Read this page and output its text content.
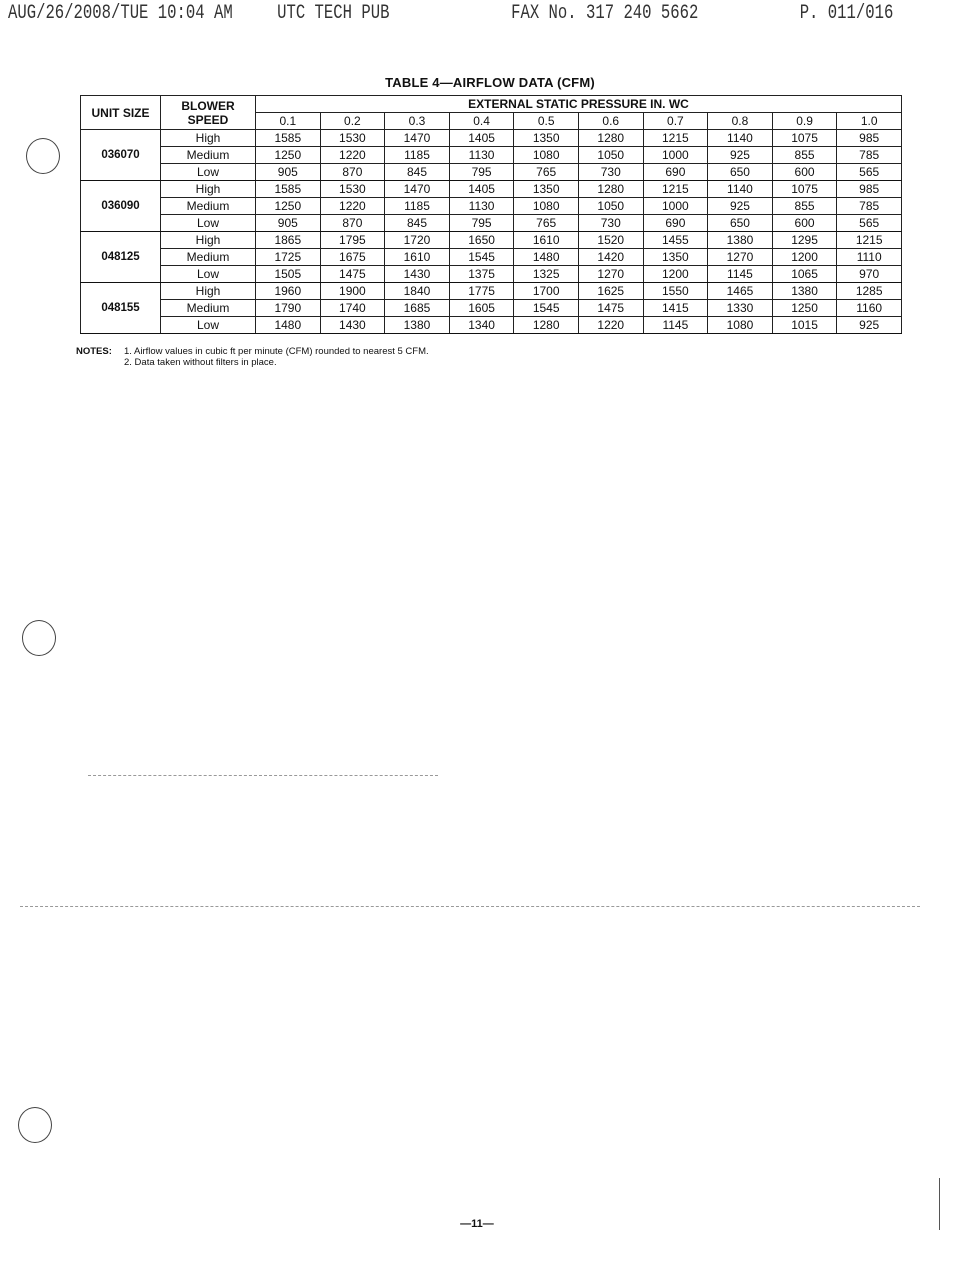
AUG/26/2008/TUE 10:04 AM UTC TECH PUB	FAX No. 317 240 5662	P. 011/016
TABLE 4—AIRFLOW DATA (CFM)
UNIT SIZE	BLOWER SPEED	EXTERNAL STATIC PRESSURE IN. WC									
		0.1	0.2	0.3	0.4	0.5	0.6	0.7	0.8	0.9	1.0
036070	High	1585	1530	1470	1405	1350	1280	1215	1140	1075	985
	Medium	1250	1220	1185	1130	1080	1050	1000	925	855	785
	Low	905	870	845	795	765	730	690	650	600	565
036090	High	1585	1530	1470	1405	1350	1280	1215	1140	1075	985
	Medium	1250	1220	1185	1130	1080	1050	1000	925	855	785
	Low	905	870	845	795	765	730	690	650	600	565
048125	High	1865	1795	1720	1650	1610	1520	1455	1380	1295	1215
	Medium	1725	1675	1610	1545	1480	1420	1350	1270	1200	1110
	Low	1505	1475	1430	1375	1325	1270	1200	1145	1065	970
048155	High	1960	1900	1840	1775	1700	1625	1550	1465	1380	1285
	Medium	1790	1740	1685	1605	1545	1475	1415	1330	1250	1160
	Low	1480	1430	1380	1340	1280	1220	1145	1080	1015	925
NOTES: 1. Airflow values in cubic ft per minute (CFM) rounded to nearest 5 CFM.
2. Data taken without filters in place.
—11—
